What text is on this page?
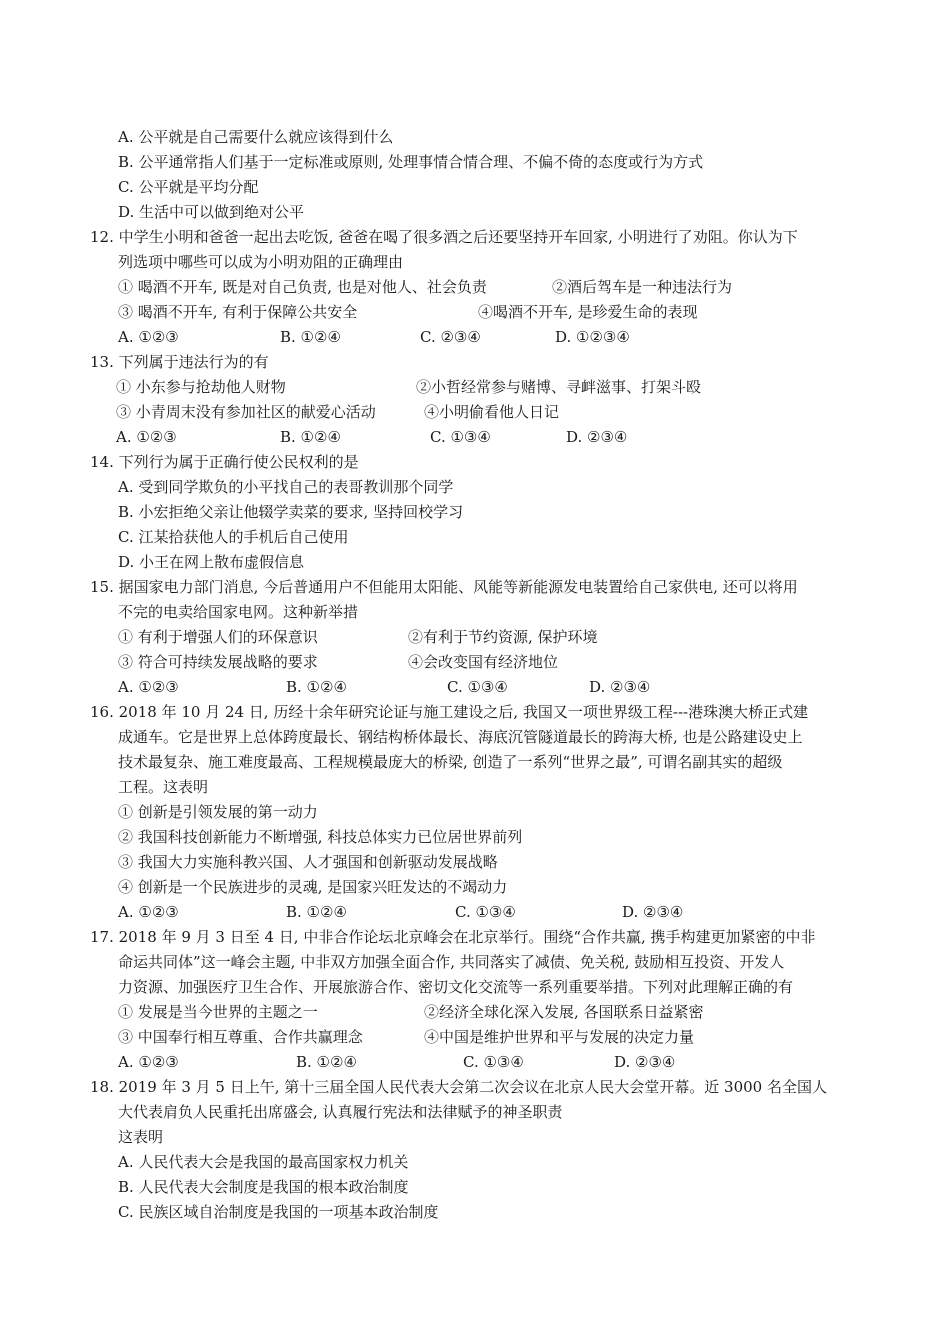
A. 公平就是自己需要什么就应该得到什么
B. 公平通常指人们基于一定标准或原则, 处理事情合情合理、不偏不倚的态度或行为方式
C. 公平就是平均分配
D. 生活中可以做到绝对公平
12. 中学生小明和爸爸一起出去吃饭, 爸爸在喝了很多酒之后还要坚持开车回家, 小明进行了劝阻。你认为下
列选项中哪些可以成为小明劝阻的正确理由
① 喝酒不开车, 既是对自己负责, 也是对他人、社会负责	②酒后驾车是一种违法行为
③ 喝酒不开车, 有利于保障公共安全	④喝酒不开车, 是珍爱生命的表现
A. ①②③	B. ①②④	C. ②③④	D. ①②③④
13. 下列属于违法行为的有
① 小东参与抢劫他人财物	②小哲经常参与赌博、寻衅滋事、打架斗殴
③ 小青周末没有参加社区的献爱心活动	④小明偷看他人日记
A. ①②③	B. ①②④	C. ①③④	D. ②③④
14. 下列行为属于正确行使公民权利的是
A. 受到同学欺负的小平找自己的表哥教训那个同学
B. 小宏拒绝父亲让他辍学卖菜的要求, 坚持回校学习
C. 江某拾获他人的手机后自己使用
D. 小王在网上散布虚假信息
15. 据国家电力部门消息, 今后普通用户不但能用太阳能、风能等新能源发电装置给自己家供电, 还可以将用
不完的电卖给国家电网。这种新举措
① 有利于增强人们的环保意识	②有利于节约资源, 保护环境
③ 符合可持续发展战略的要求	④会改变国有经济地位
A. ①②③	B. ①②④	C. ①③④	D. ②③④
16. 2018 年 10 月 24 日, 历经十余年研究论证与施工建设之后, 我国又一项世界级工程---港珠澳大桥正式建
成通车。它是世界上总体跨度最长、钢结构桥体最长、海底沉管隧道最长的跨海大桥, 也是公路建设史上
技术最复杂、施工难度最高、工程规模最庞大的桥梁, 创造了一系列“世界之最”, 可谓名副其实的超级
工程。这表明
① 创新是引领发展的第一动力
② 我国科技创新能力不断增强, 科技总体实力已位居世界前列
③ 我国大力实施科教兴国、人才强国和创新驱动发展战略
④ 创新是一个民族进步的灵魂, 是国家兴旺发达的不竭动力
A. ①②③	B. ①②④	C. ①③④	D. ②③④
17. 2018 年 9 月 3 日至 4 日, 中非合作论坛北京峰会在北京举行。围绕“合作共赢, 携手构建更加紧密的中非
命运共同体”这一峰会主题, 中非双方加强全面合作, 共同落实了减债、免关税, 鼓励相互投资、开发人
力资源、加强医疗卫生合作、开展旅游合作、密切文化交流等一系列重要举措。下列对此理解正确的有
① 发展是当今世界的主题之一	②经济全球化深入发展, 各国联系日益紧密
③ 中国奉行相互尊重、合作共赢理念	④中国是维护世界和平与发展的决定力量
A. ①②③	B. ①②④	C. ①③④	D. ②③④
18. 2019 年 3 月 5 日上午, 第十三届全国人民代表大会第二次会议在北京人民大会堂开幕。近 3000 名全国人
大代表肩负人民重托出席盛会, 认真履行宪法和法律赋予的神圣职责
这表明
A. 人民代表大会是我国的最高国家权力机关
B. 人民代表大会制度是我国的根本政治制度
C. 民族区域自治制度是我国的一项基本政治制度
